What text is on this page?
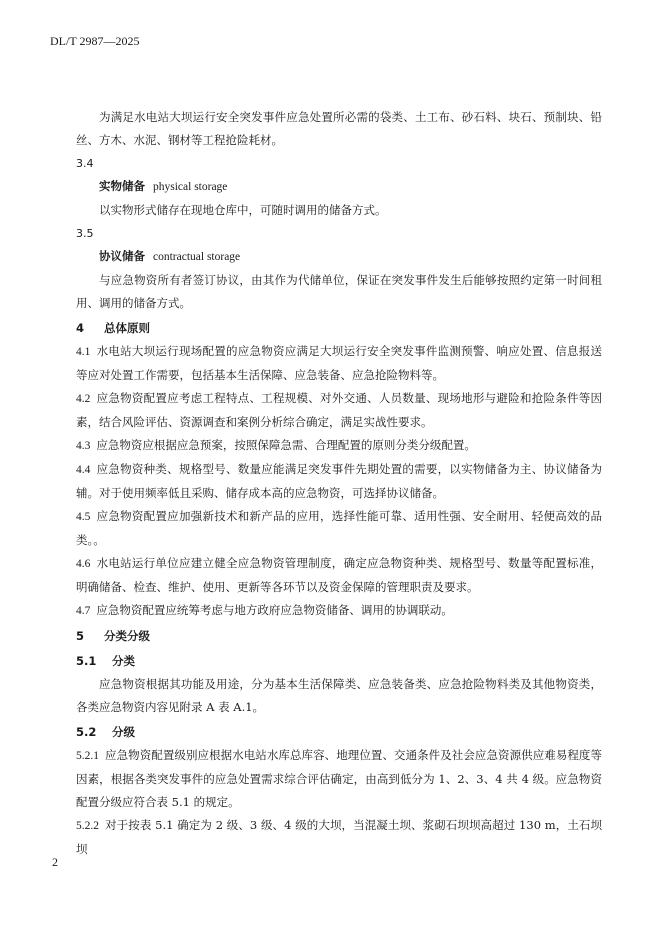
DL/T 2987—2025

为满足水电站大坝运行安全突发事件应急处置所必需的袋类、土工布、砂石料、块石、预制块、铅丝、方木、水泥、钢材等工程抢险耗材。

3.4

实物储备 physical storage

以实物形式储存在现地仓库中，可随时调用的储备方式。

3.5

协议储备 contractual storage

与应急物资所有者签订协议，由其作为代储单位，保证在突发事件发生后能够按照约定第一时间租用、调用的储备方式。

4 总体原则

4.1 水电站大坝运行现场配置的应急物资应满足大坝运行安全突发事件监测预警、响应处置、信息报送等应对处置工作需要，包括基本生活保障、应急装备、应急抢险物料等。

4.2 应急物资配置应考虑工程特点、工程规模、对外交通、人员数量、现场地形与避险和抢险条件等因素，结合风险评估、资源调查和案例分析综合确定，满足实战性要求。

4.3 应急物资应根据应急预案，按照保障急需、合理配置的原则分类分级配置。

4.4 应急物资种类、规格型号、数量应能满足突发事件先期处置的需要，以实物储备为主、协议储备为辅。对于使用频率低且采购、储存成本高的应急物资，可选择协议储备。

4.5 应急物资配置应加强新技术和新产品的应用，选择性能可靠、适用性强、安全耐用、轻便高效的品类。。

4.6 水电站运行单位应建立健全应急物资管理制度，确定应急物资种类、规格型号、数量等配置标准，明确储备、检查、维护、使用、更新等各环节以及资金保障的管理职责及要求。

4.7 应急物资配置应统筹考虑与地方政府应急物资储备、调用的协调联动。

5 分类分级

5.1 分类

应急物资根据其功能及用途，分为基本生活保障类、应急装备类、应急抢险物料类及其他物资类，各类应急物资内容见附录 A 表 A.1。

5.2 分级

5.2.1 应急物资配置级别应根据水电站水库总库容、地理位置、交通条件及社会应急资源供应难易程度等因素，根据各类突发事件的应急处置需求综合评估确定，由高到低分为 1、2、3、4 共 4 级。应急物资配置分级应符合表 5.1 的规定。

5.2.2 对于按表 5.1 确定为 2 级、3 级、4 级的大坝，当混凝土坝、浆砌石坝坝高超过 130 m，土石坝坝

2
